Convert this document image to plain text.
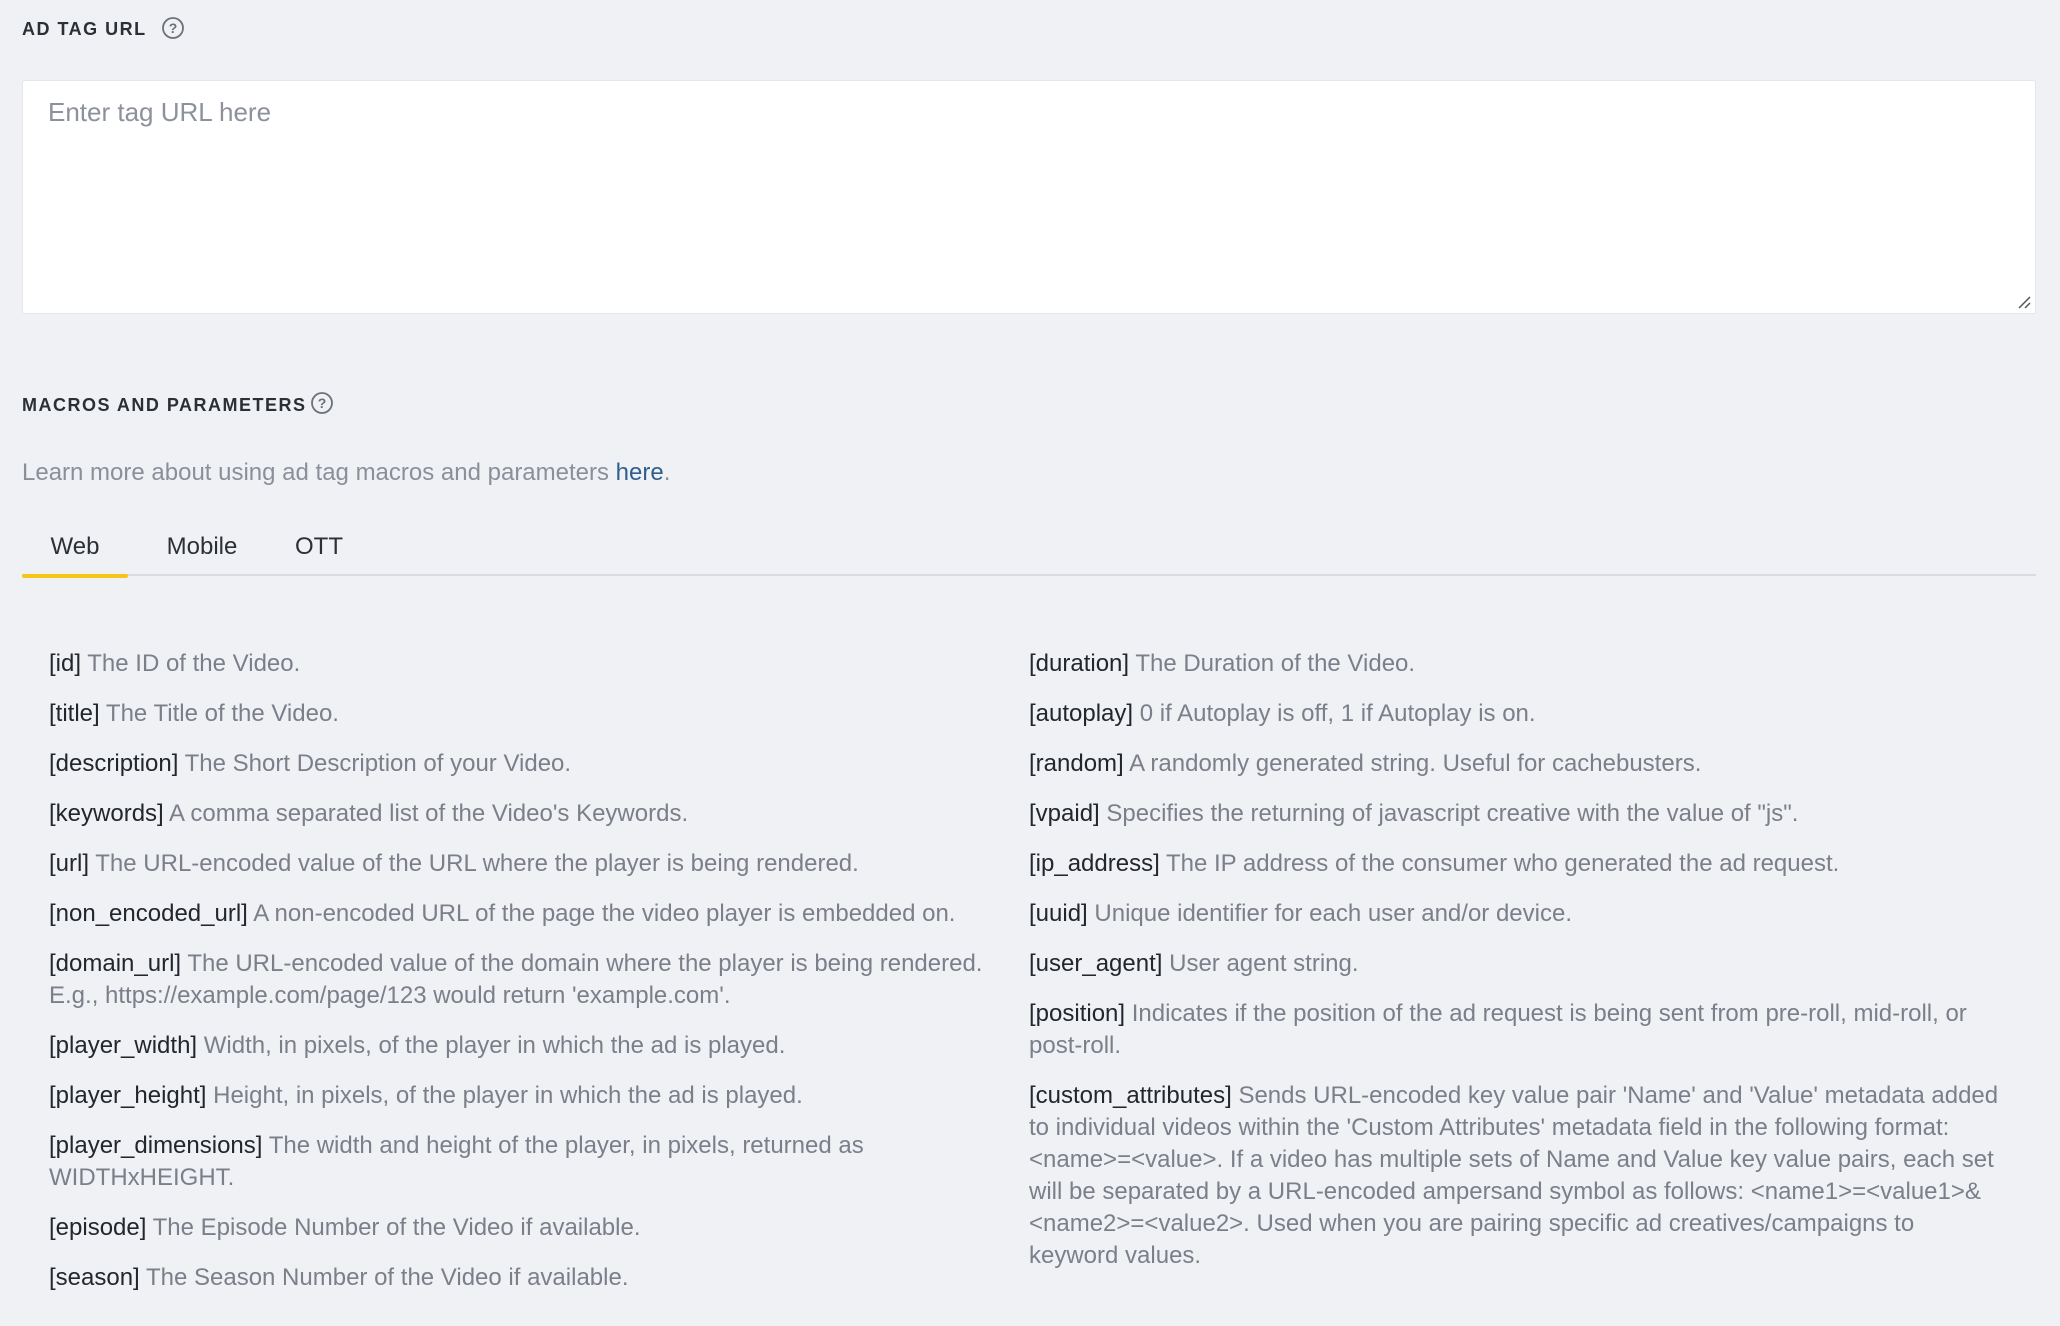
AD TAG URL ?
Enter tag URL here
MACROS AND PARAMETERS ?
Learn more about using ad tag macros and parameters here.
Web	Mobile	OTT
[id] The ID of the Video.
[title] The Title of the Video.
[description] The Short Description of your Video.
[keywords] A comma separated list of the Video's Keywords.
[url] The URL-encoded value of the URL where the player is being rendered.
[non_encoded_url] A non-encoded URL of the page the video player is embedded on.
[domain_url] The URL-encoded value of the domain where the player is being rendered. E.g., https://example.com/page/123 would return 'example.com'.
[player_width] Width, in pixels, of the player in which the ad is played.
[player_height] Height, in pixels, of the player in which the ad is played.
[player_dimensions] The width and height of the player, in pixels, returned as WIDTHxHEIGHT.
[episode] The Episode Number of the Video if available.
[season] The Season Number of the Video if available.
[duration] The Duration of the Video.
[autoplay] 0 if Autoplay is off, 1 if Autoplay is on.
[random] A randomly generated string. Useful for cachebusters.
[vpaid] Specifies the returning of javascript creative with the value of "js".
[ip_address] The IP address of the consumer who generated the ad request.
[uuid] Unique identifier for each user and/or device.
[user_agent] User agent string.
[position] Indicates if the position of the ad request is being sent from pre-roll, mid-roll, or post-roll.
[custom_attributes] Sends URL-encoded key value pair 'Name' and 'Value' metadata added to individual videos within the 'Custom Attributes' metadata field in the following format: <name>=<value>. If a video has multiple sets of Name and Value key value pairs, each set will be separated by a URL-encoded ampersand symbol as follows: <name1>=<value1>&<name2>=<value2>. Used when you are pairing specific ad creatives/campaigns to keyword values.
